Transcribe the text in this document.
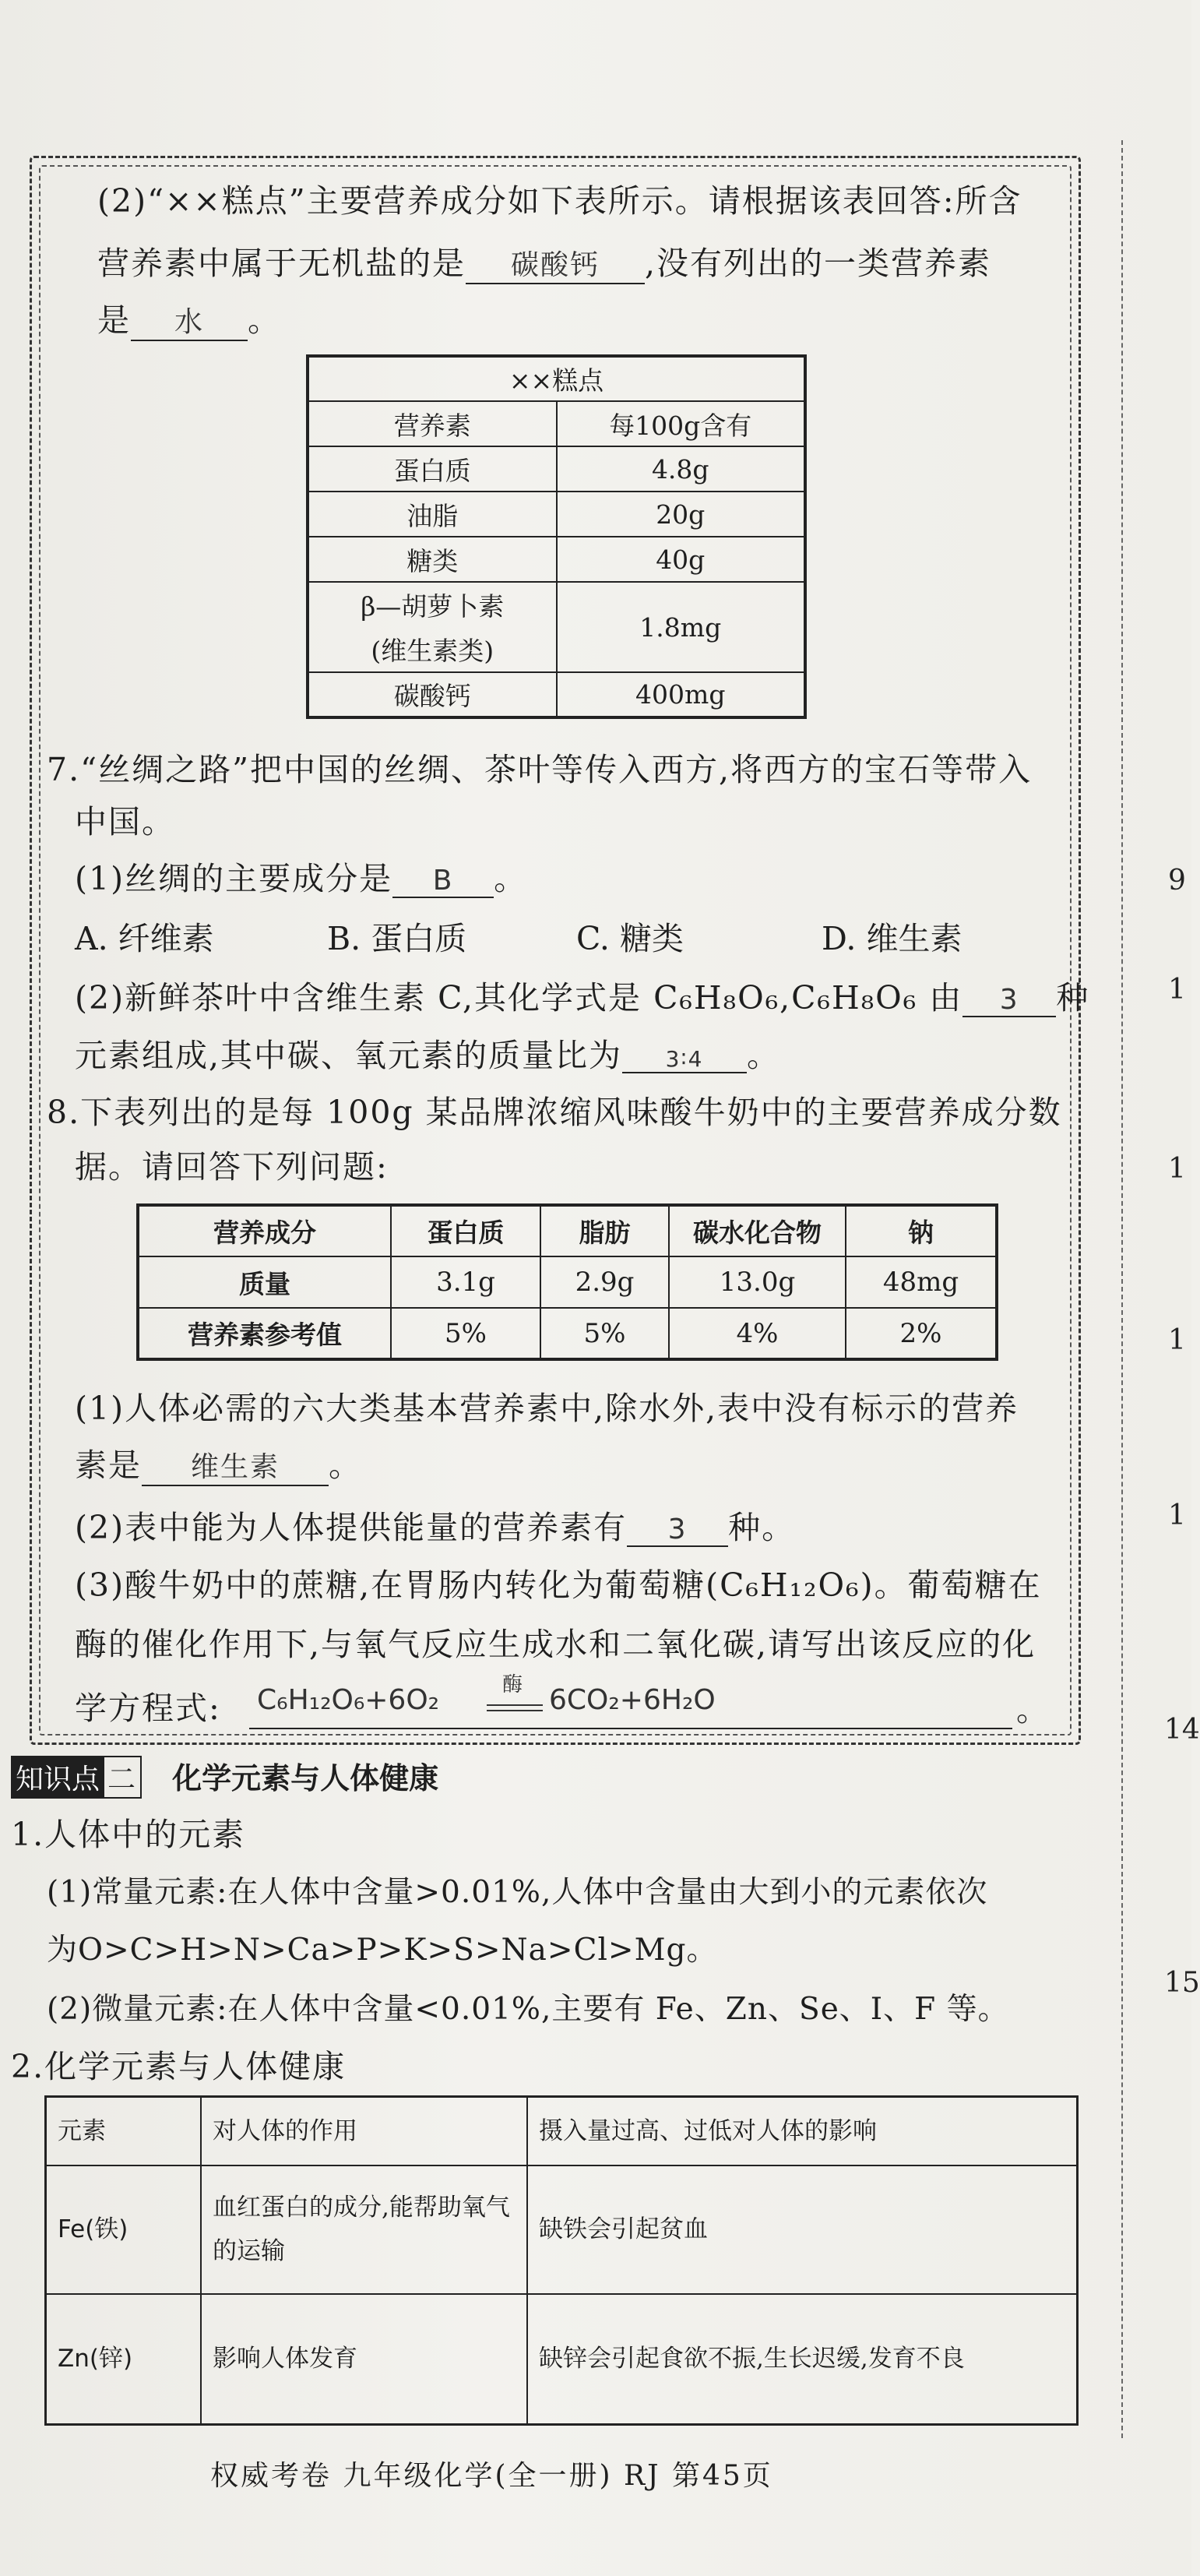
9
1
1
1
1
14
15
(2)“××糕点”主要营养成分如下表所示。请根据该表回答:所含
营养素中属于无机盐的是 碳酸钙 ,没有列出的一类营养素
是 水 。
××糕点	
营养素	每100g含有
蛋白质	4.8g
油脂	20g
糖类	40g
β—胡萝卜素	1.8mg
(维生素类)	
碳酸钙	400mg
7.“丝绸之路”把中国的丝绸、茶叶等传入西方,将西方的宝石等带入
中国。
(1)丝绸的主要成分是 B 。
A. 纤维素	B. 蛋白质	C. 糖类	D. 维生素
(2)新鲜茶叶中含维生素 C,其化学式是 C₆H₈O₆,C₆H₈O₆ 由 3 种
元素组成,其中碳、氧元素的质量比为 3∶4 。
8.下表列出的是每 100g 某品牌浓缩风味酸牛奶中的主要营养成分数
据。请回答下列问题:
营养成分	蛋白质	脂肪	碳水化合物	钠
质量	3.1g	2.9g	13.0g	48mg
营养素参考值	5%	5%	4%	2%
(1)人体必需的六大类基本营养素中,除水外,表中没有标示的营养
素是 维生素 。
(2)表中能为人体提供能量的营养素有 3 种。
(3)酸牛奶中的蔗糖,在胃肠内转化为葡萄糖(C₆H₁₂O₆)。葡萄糖在
酶的催化作用下,与氧气反应生成水和二氧化碳,请写出该反应的化
学方程式: C₆H₁₂O₆+6O₂	酶 6CO₂+6H₂O	。
知识点 二 化学元素与人体健康
1.人体中的元素
(1)常量元素:在人体中含量>0.01%,人体中含量由大到小的元素依次
为O>C>H>N>Ca>P>K>S>Na>Cl>Mg。
(2)微量元素:在人体中含量<0.01%,主要有 Fe、Zn、Se、I、F 等。
2.化学元素与人体健康
元素	对人体的作用	摄入量过高、过低对人体的影响
Fe(铁)	血红蛋白的成分,能帮助氧气的运输	缺铁会引起贫血
Zn(锌)	影响人体发育	缺锌会引起食欲不振,生长迟缓,发育不良
权威考卷 九年级化学(全一册) RJ 第45页
